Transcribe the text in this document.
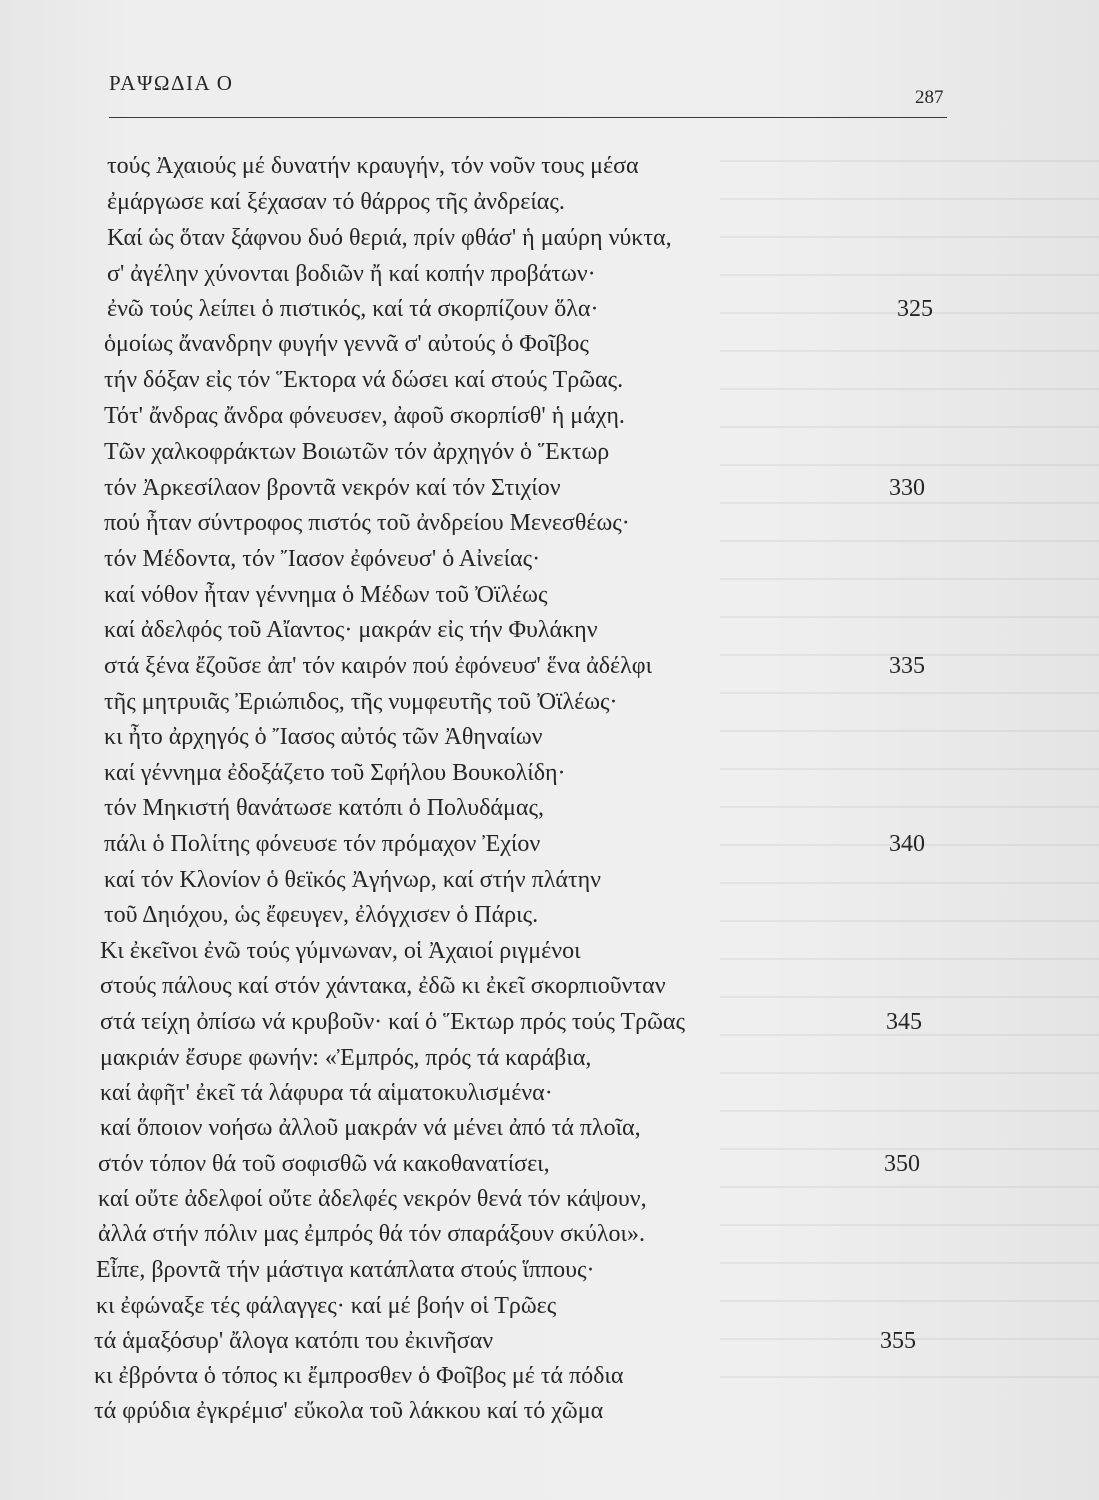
ΡΑΨΩΔΙΑ Ο
287
τούς Ἀχαιούς μέ δυνατήν κραυγήν, τόν νοῦν τους μέσα
ἐμάργωσε καί ξέχασαν τό θάρρος τῆς ἀνδρείας.
Καί ὡς ὅταν ξάφνου δυό θεριά, πρίν φθάσ' ἡ μαύρη νύκτα,
σ' ἀγέλην χύνονται βοδιῶν ἤ καί κοπήν προβάτων·
ἐνῶ τούς λείπει ὁ πιστικός, καί τά σκορπίζουν ὅλα·
ὁμοίως ἄνανδρην φυγήν γεννᾶ σ' αὐτούς ὁ Φοῖβος
τήν δόξαν εἰς τόν Ἕκτορα νά δώσει καί στούς Τρῶας.
Τότ' ἄνδρας ἄνδρα φόνευσεν, ἀφοῦ σκορπίσθ' ἡ μάχη.
Τῶν χαλκοφράκτων Βοιωτῶν τόν ἀρχηγόν ὁ Ἕκτωρ
τόν Ἀρκεσίλαον βροντᾶ νεκρόν καί τόν Στιχίον
πού ἦταν σύντροφος πιστός τοῦ ἀνδρείου Μενεσθέως·
τόν Μέδοντα, τόν Ἴασον ἐφόνευσ' ὁ Αἰνείας·
καί νόθον ἦταν γέννημα ὁ Μέδων τοῦ Ὀϊλέως
καί ἀδελφός τοῦ Αἴαντος· μακράν εἰς τήν Φυλάκην
στά ξένα ἔζοῦσε ἀπ' τόν καιρόν πού ἐφόνευσ' ἕνα ἀδέλφι
τῆς μητρυιᾶς Ἐριώπιδος, τῆς νυμφευτῆς τοῦ Ὀϊλέως·
κι ἦτο ἀρχηγός ὁ Ἴασος αὐτός τῶν Ἀθηναίων
καί γέννημα ἐδοξάζετο τοῦ Σφήλου Βουκολίδη·
τόν Μηκιστή θανάτωσε κατόπι ὁ Πολυδάμας,
πάλι ὁ Πολίτης φόνευσε τόν πρόμαχον Ἐχίον
καί τόν Κλονίον ὁ θεϊκός Ἀγήνωρ, καί στήν πλάτην
τοῦ Δηιόχου, ὡς ἔφευγεν, ἐλόγχισεν ὁ Πάρις.
Κι ἐκεῖνοι ἐνῶ τούς γύμνωναν, οἱ Ἀχαιοί ριγμένοι
στούς πάλους καί στόν χάντακα, ἐδῶ κι ἐκεῖ σκορπιοῦνταν
στά τείχη ὀπίσω νά κρυβοῦν· καί ὁ Ἕκτωρ πρός τούς Τρῶας
μακριάν ἔσυρε φωνήν: «Ἐμπρός, πρός τά καράβια,
καί ἀφῆτ' ἐκεῖ τά λάφυρα τά αἱματοκυλισμένα·
καί ὅποιον νοήσω ἀλλοῦ μακράν νά μένει ἀπό τά πλοῖα,
στόν τόπον θά τοῦ σοφισθῶ νά κακοθανατίσει,
καί οὔτε ἀδελφοί οὔτε ἀδελφές νεκρόν θενά τόν κάψουν,
ἀλλά στήν πόλιν μας ἐμπρός θά τόν σπαράξουν σκύλοι».
Εἶπε, βροντᾶ τήν μάστιγα κατάπλατα στούς ἵππους·
κι ἐφώναξε τές φάλαγγες· καί μέ βοήν οἱ Τρῶες
τά ἁμαξόσυρ' ἄλογα κατόπι του ἐκινῆσαν
κι ἐβρόντα ὁ τόπος κι ἔμπροσθεν ὁ Φοῖβος μέ τά πόδια
τά φρύδια ἐγκρέμισ' εὔκολα τοῦ λάκκου καί τό χῶμα
325
330
335
340
345
350
355
